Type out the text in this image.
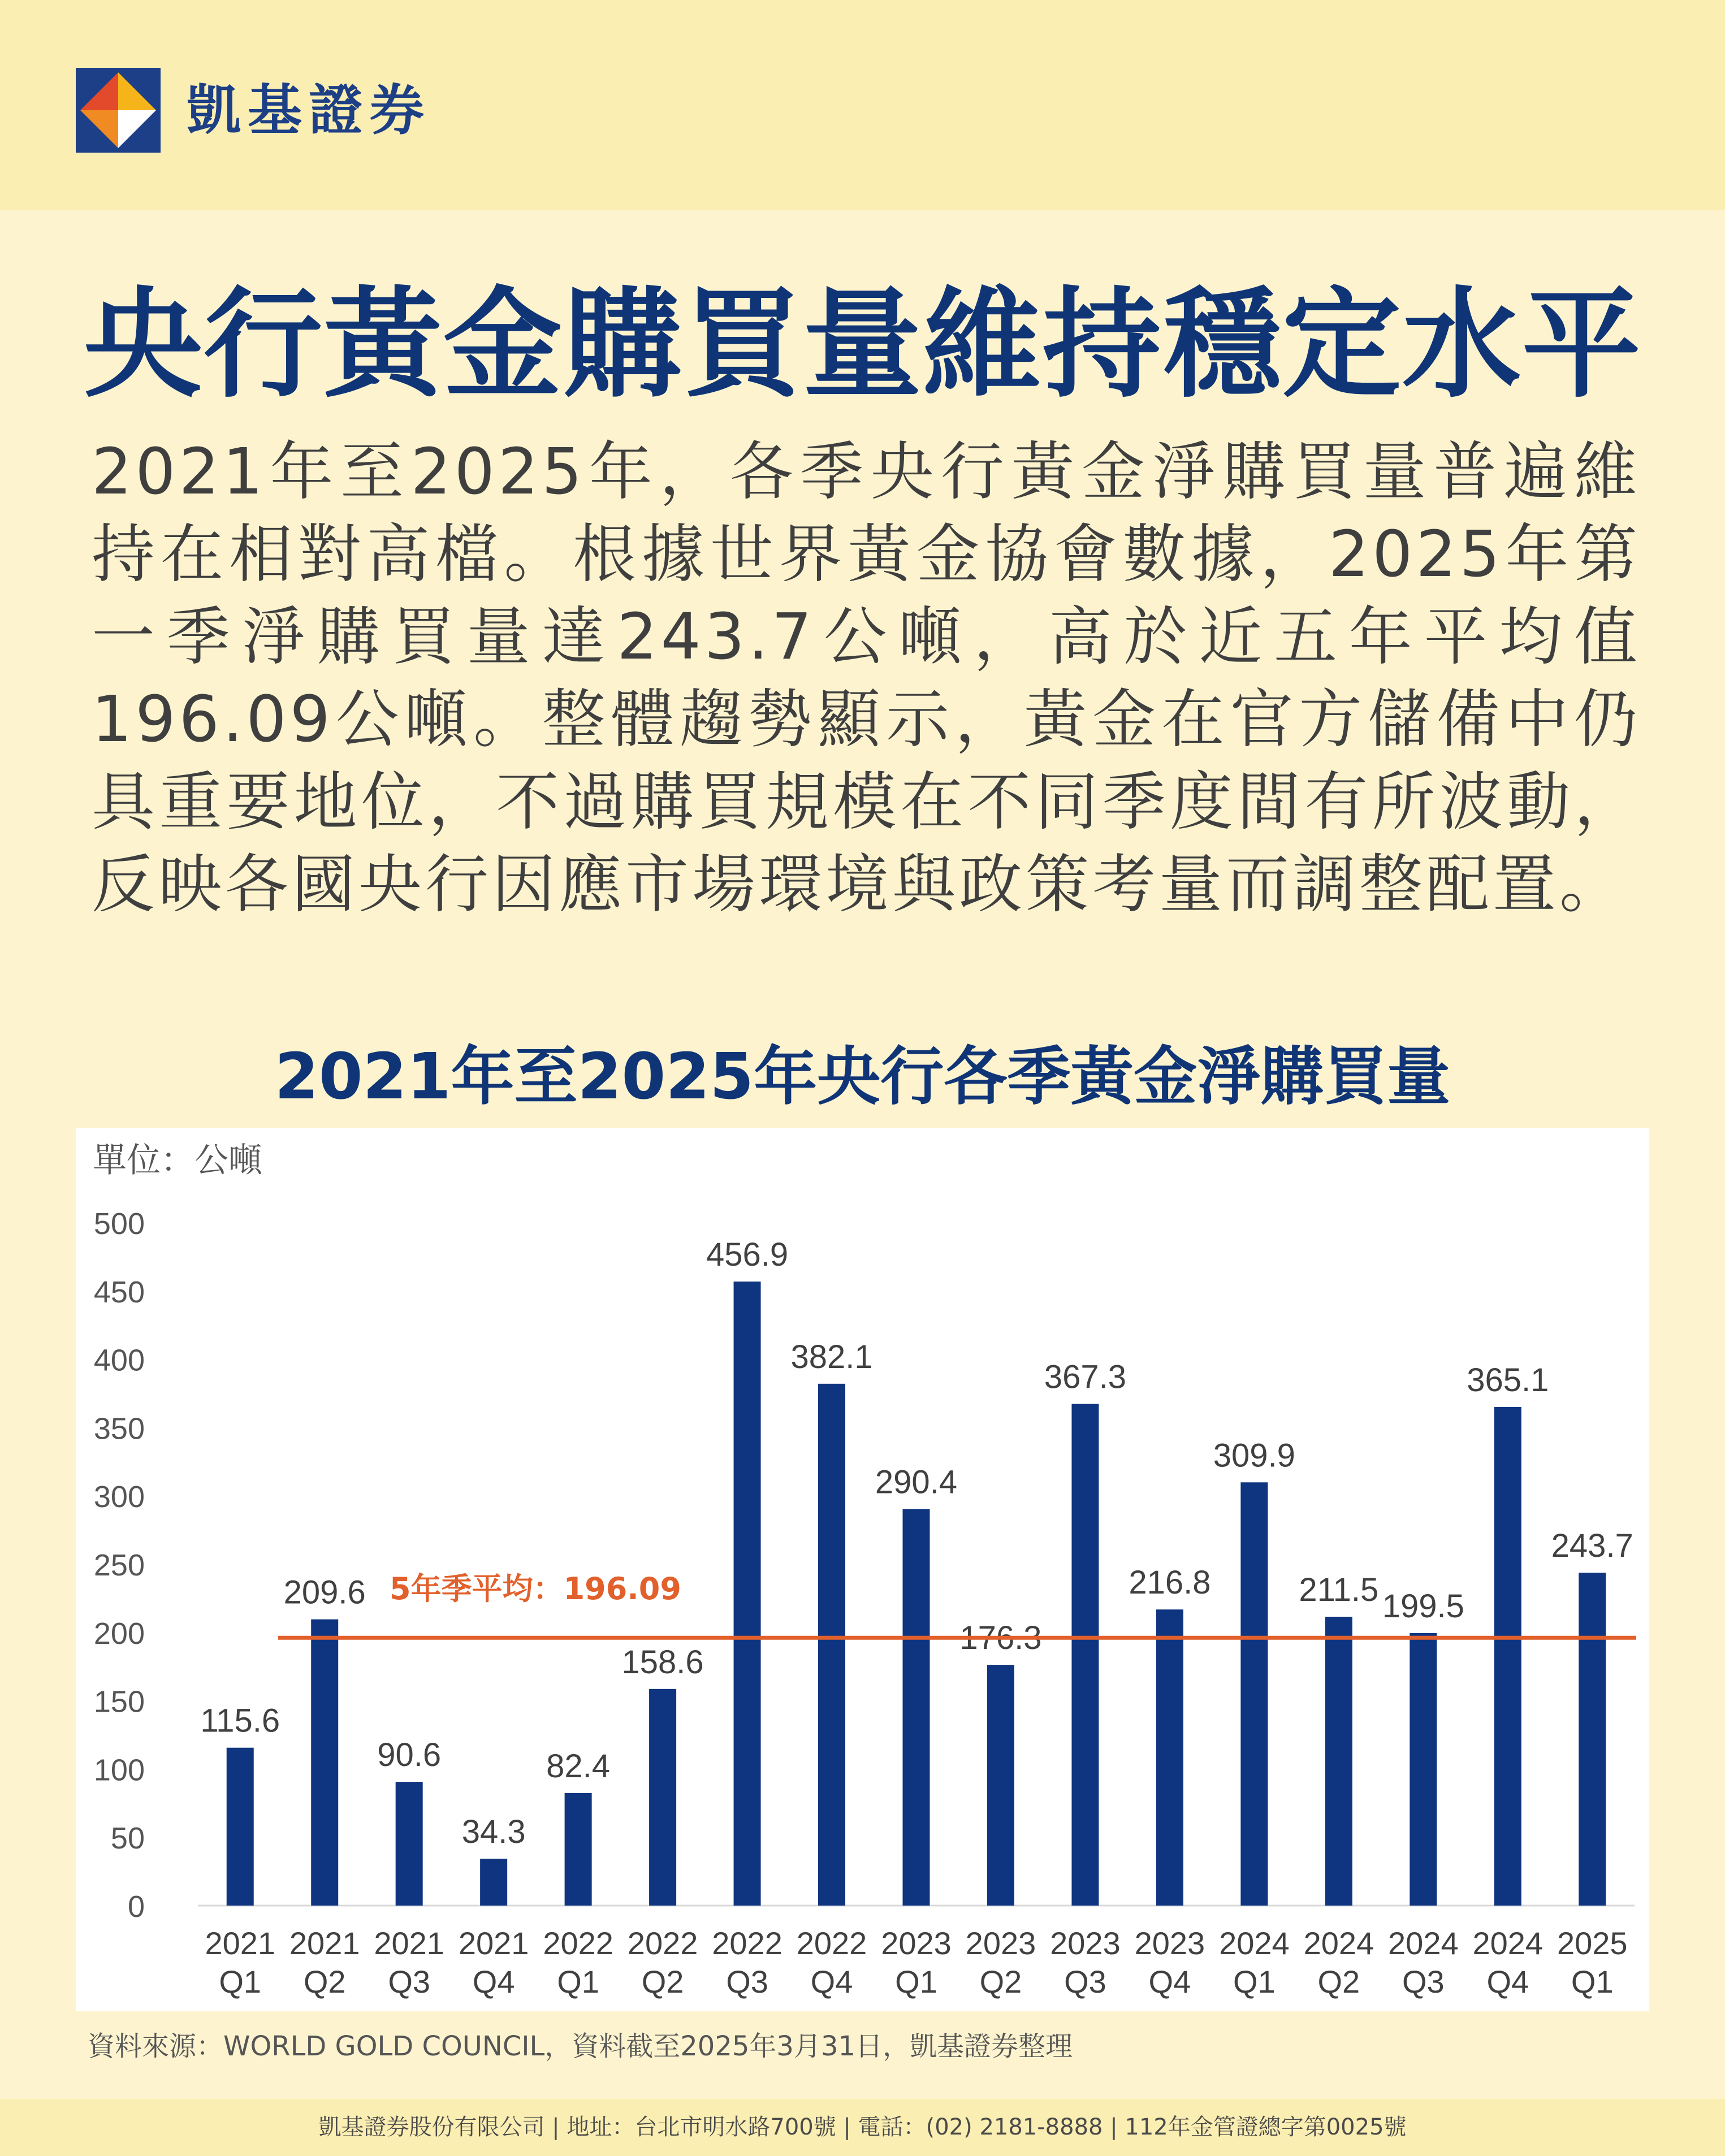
凱基證券
央行黃金購買量維持穩定水平
2021年至2025年，各季央行黃金淨購買量普遍維持在相對高檔。根據世界黃金協會數據，2025年第一季淨購買量達243.7公噸，高於近五年平均值196.09公噸。整體趨勢顯示，黃金在官方儲備中仍具重要地位，不過購買規模在不同季度間有所波動，反映各國央行因應市場環境與政策考量而調整配置。
2021年至2025年央行各季黃金淨購買量
單位：公噸
0
50
100
150
200
250
300
350
400
450
500
115.6
2021
Q1
209.6
2021
Q2
90.6
2021
Q3
34.3
2021
Q4
82.4
2022
Q1
158.6
2022
Q2
456.9
2022
Q3
382.1
2022
Q4
290.4
2023
Q1
176.3
2023
Q2
367.3
2023
Q3
216.8
2023
Q4
309.9
2024
Q1
211.5
2024
Q2
199.5
2024
Q3
365.1
2024
Q4
243.7
2025
Q1
5年季平均：196.09
資料來源：WORLD GOLD COUNCIL，資料截至2025年3月31日，凱基證券整理
凱基證券股份有限公司 | 地址：台北市明水路700號 | 電話：(02) 2181-8888 | 112年金管證總字第0025號
